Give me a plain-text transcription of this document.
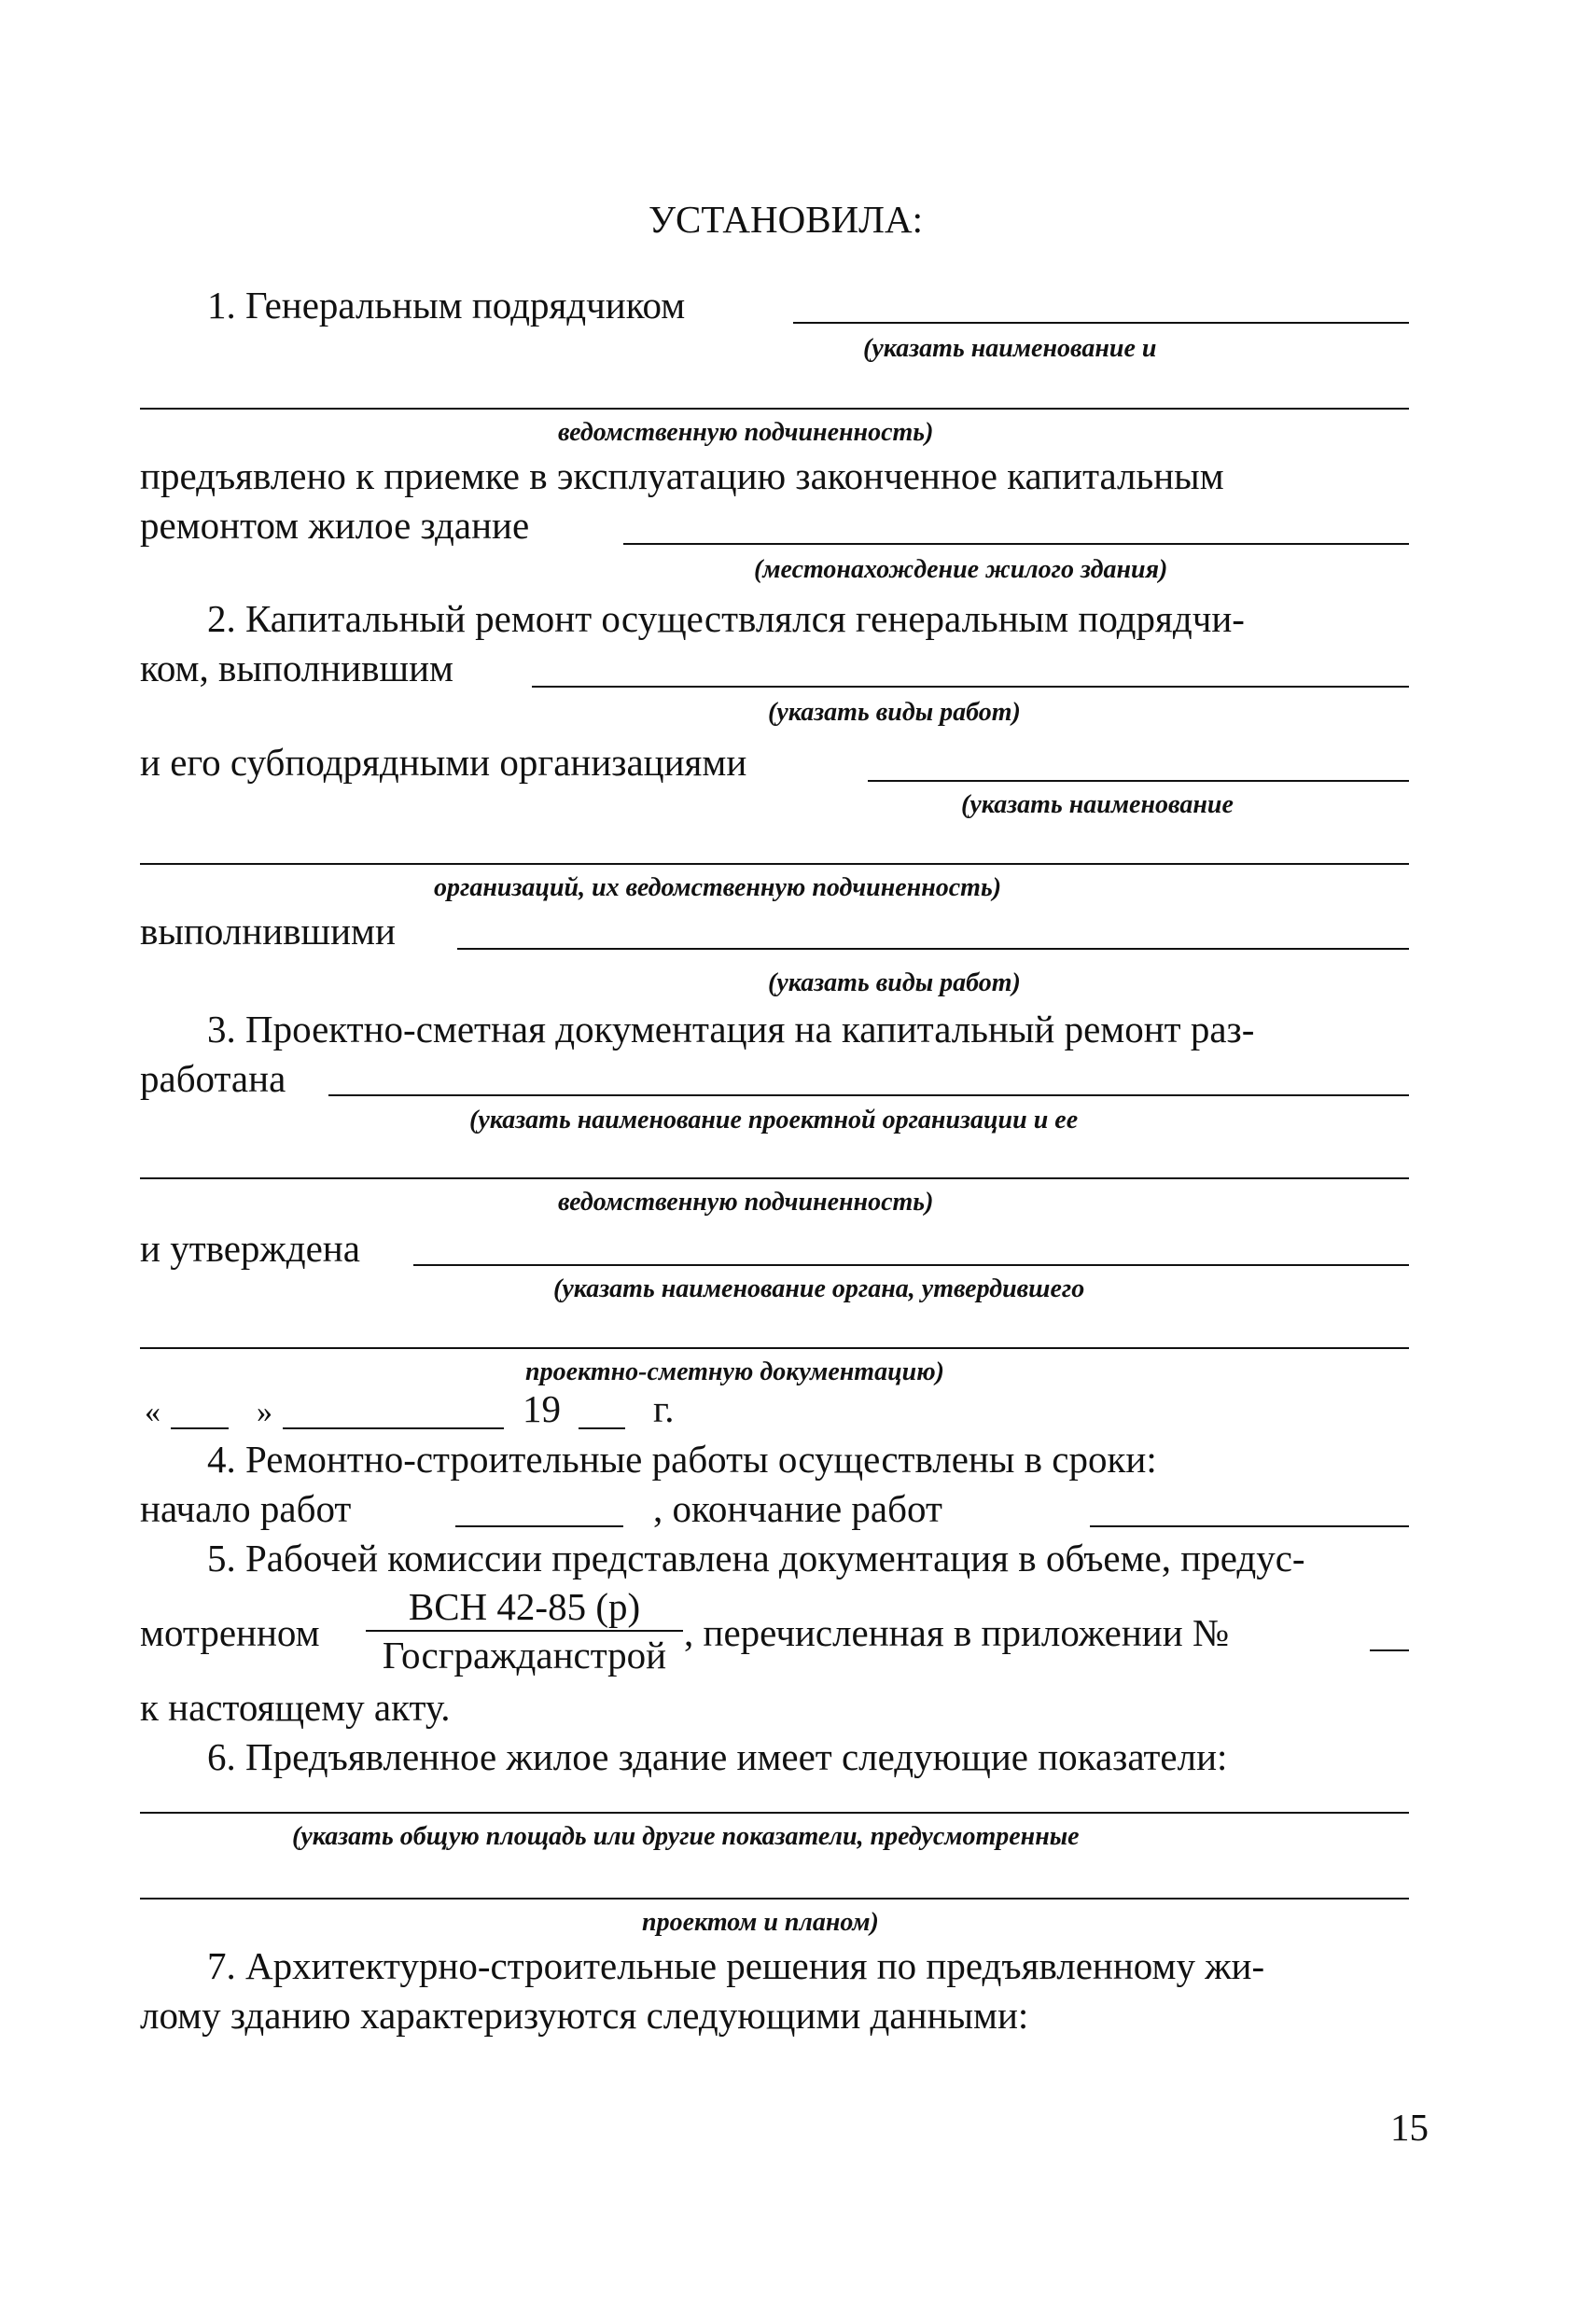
УСТАНОВИЛА:
1. Генеральным подрядчиком
(указать наименование и
ведомственную подчиненность)
предъявлено к приемке в эксплуатацию законченное капитальным
ремонтом жилое здание
(местонахождение жилого здания)
2. Капитальный ремонт осуществлялся генеральным подрядчи-
ком, выполнившим
(указать виды работ)
и его субподрядными организациями
(указать наименование
организаций, их ведомственную подчиненность)
выполнившими
(указать виды работ)
3. Проектно-сметная документация на капитальный ремонт раз-
работана
(указать наименование проектной организации и ее
ведомственную подчиненность)
и утверждена
(указать наименование органа, утвердившего
проектно-сметную документацию)
«	»	19 г.
4. Ремонтно-строительные работы осуществлены в сроки:
начало работ	, окончание работ
5. Рабочей комиссии представлена документация в объеме, предус-
мотренном
ВСН 42-85 (р)
Госгражданстрой
, перечисленная в приложении №
к настоящему акту.
6. Предъявленное жилое здание имеет следующие показатели:
(указать общую площадь или другие показатели, предусмотренные
проектом и планом)
7. Архитектурно-строительные решения по предъявленному жи-
лому зданию характеризуются следующими данными:
15
